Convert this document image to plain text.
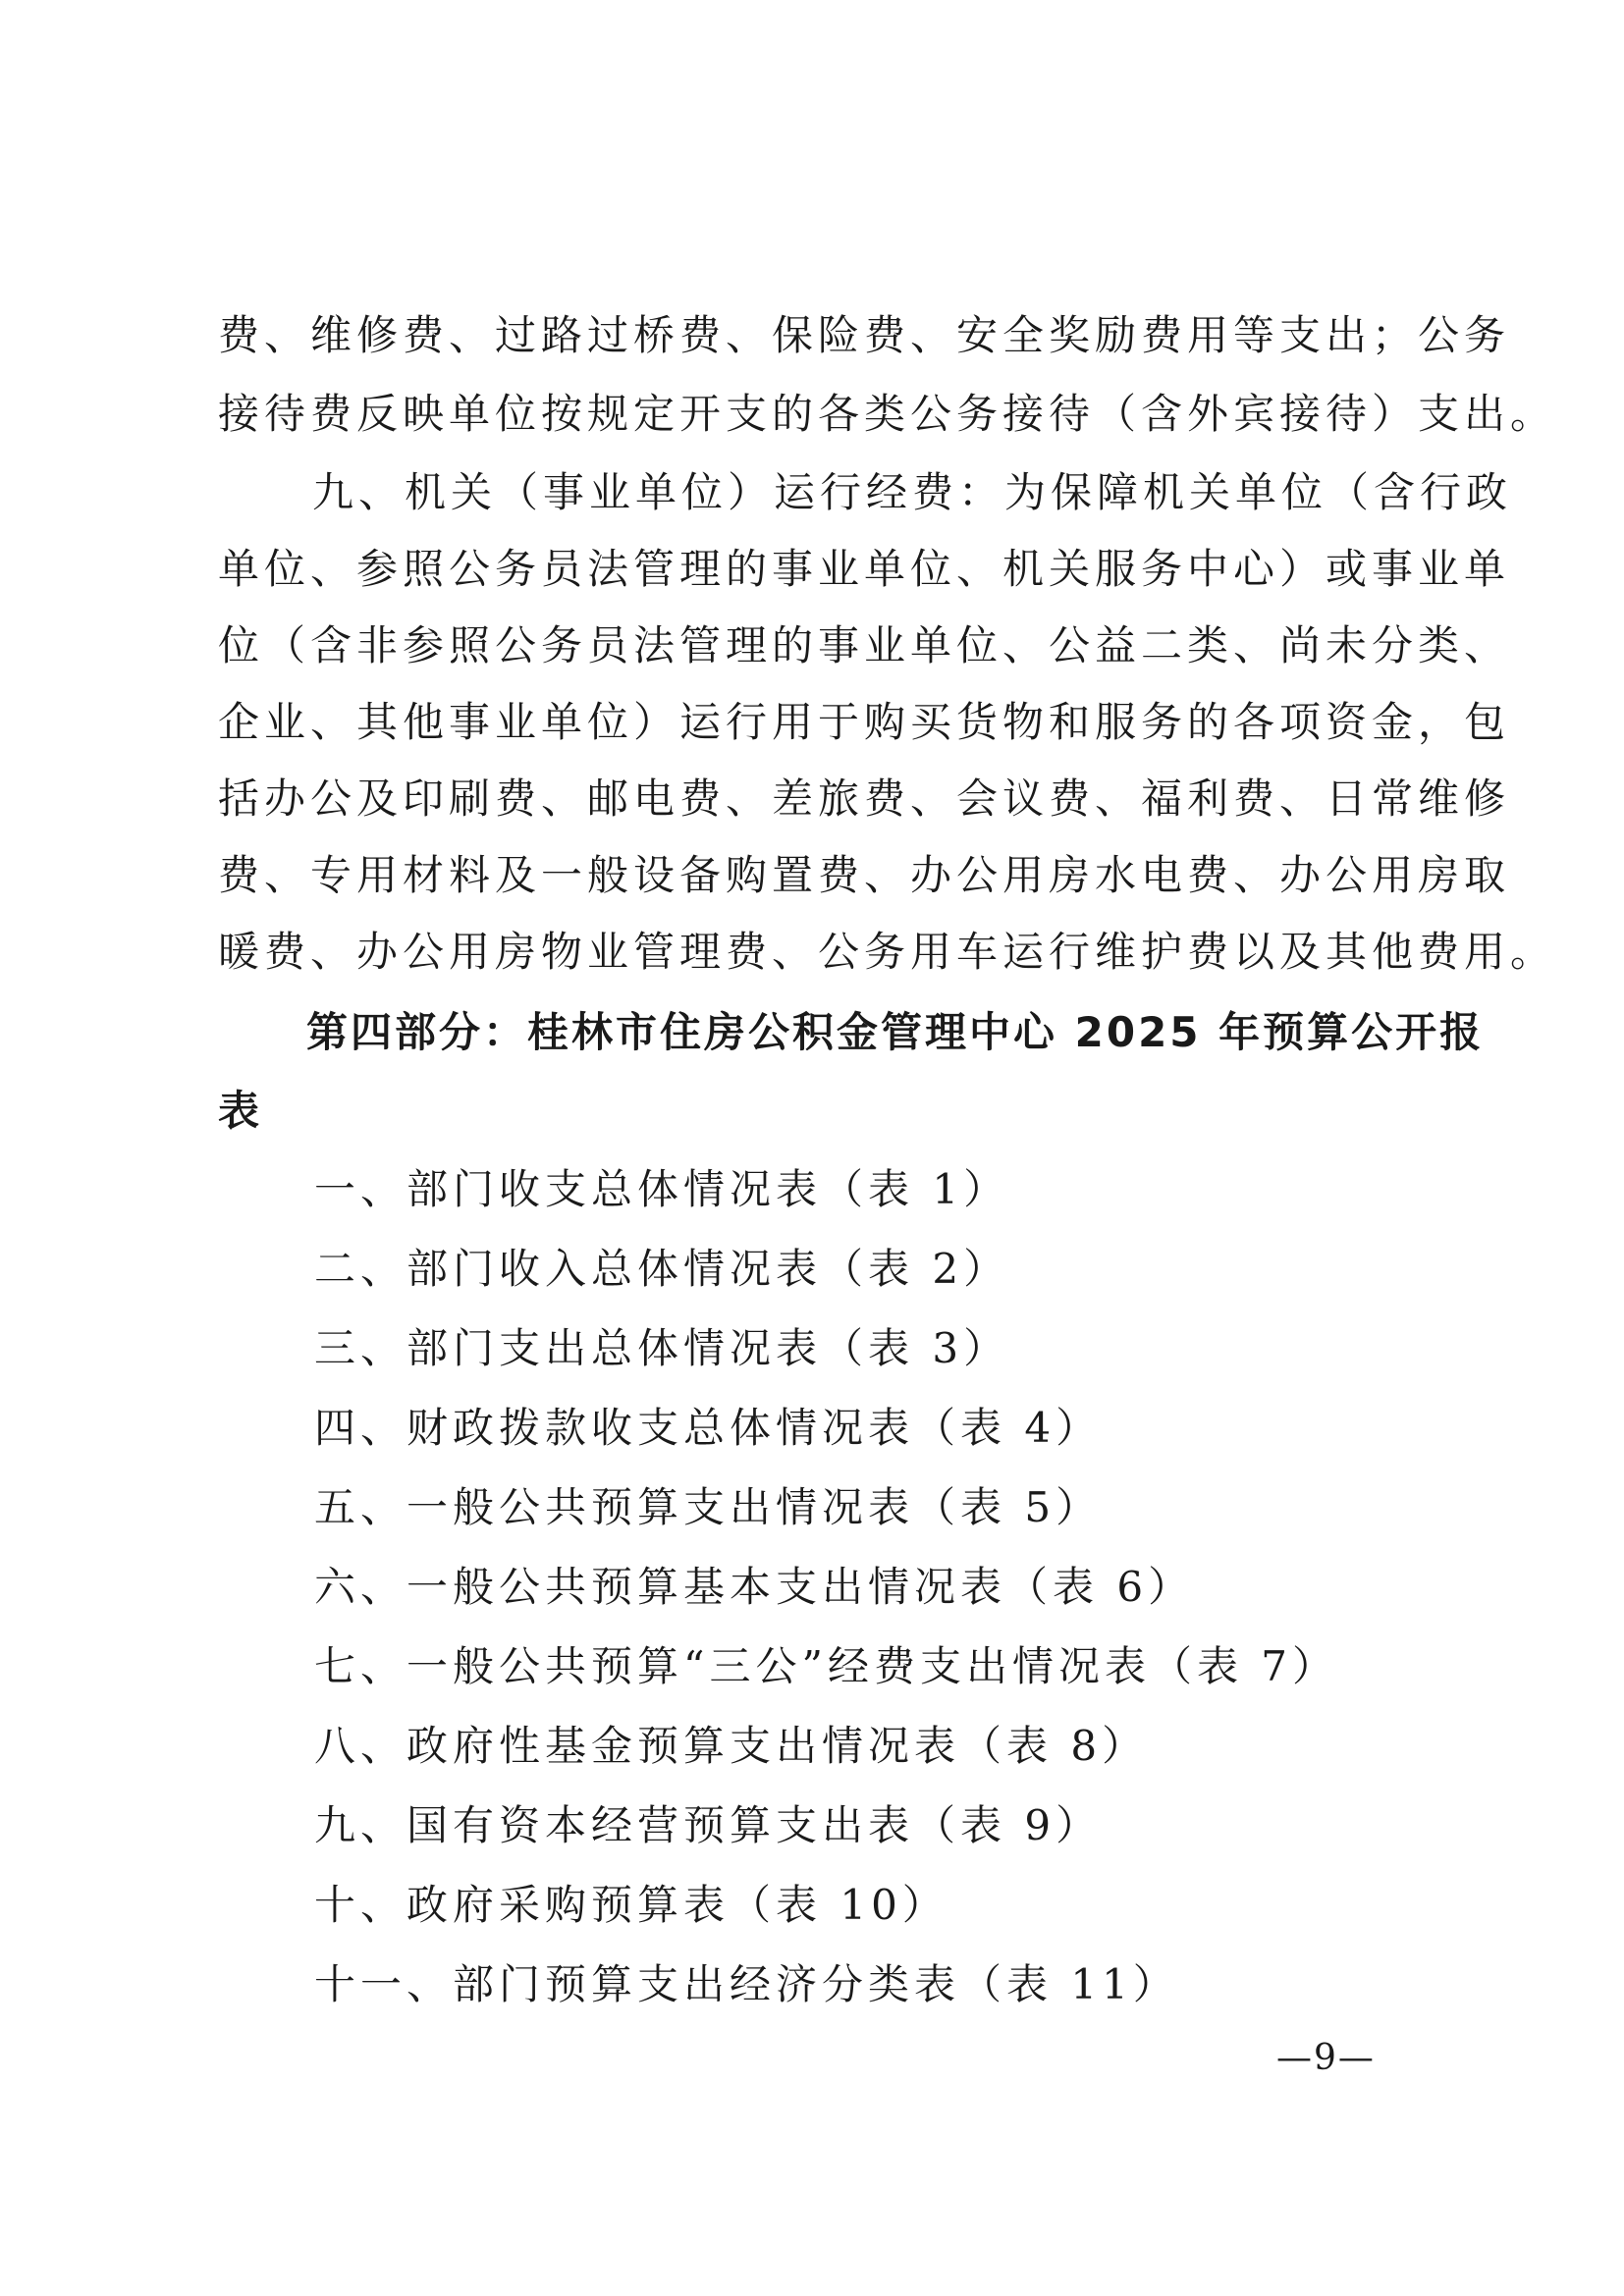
费、维修费、过路过桥费、保险费、安全奖励费用等支出；公务
接待费反映单位按规定开支的各类公务接待（含外宾接待）支出。
九、机关（事业单位）运行经费：为保障机关单位（含行政
单位、参照公务员法管理的事业单位、机关服务中心）或事业单
位（含非参照公务员法管理的事业单位、公益二类、尚未分类、
企业、其他事业单位）运行用于购买货物和服务的各项资金，包
括办公及印刷费、邮电费、差旅费、会议费、福利费、日常维修
费、专用材料及一般设备购置费、办公用房水电费、办公用房取
暖费、办公用房物业管理费、公务用车运行维护费以及其他费用。
第四部分：桂林市住房公积金管理中心 2025 年预算公开报
表
一、部门收支总体情况表（表 1）
二、部门收入总体情况表（表 2）
三、部门支出总体情况表（表 3）
四、财政拨款收支总体情况表（表 4）
五、一般公共预算支出情况表（表 5）
六、一般公共预算基本支出情况表（表 6）
七、一般公共预算“三公”经费支出情况表（表 7）
八、政府性基金预算支出情况表（表 8）
九、国有资本经营预算支出表（表 9）
十、政府采购预算表（表 10）
十一、部门预算支出经济分类表（表 11）
—9—
